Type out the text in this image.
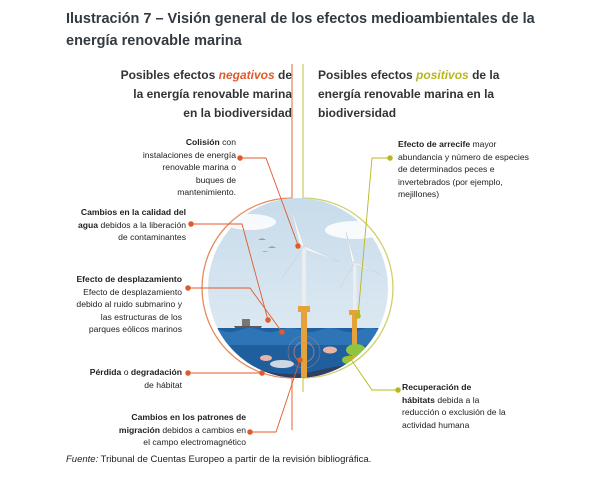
Ilustración 7 – Visión general de los efectos medioambientales de la energía renovable marina
Posibles efectos negativos de la energía renovable marina en la biodiversidad
Posibles efectos positivos de la energía renovable marina en la biodiversidad
Colisión con instalaciones de energía renovable marina o buques de mantenimiento.
Cambios en la calidad del agua debidos a la liberación de contaminantes
Efecto de desplazamiento Efecto de desplazamiento debido al ruido submarino y las estructuras de los parques eólicos marinos
Pérdida o degradación de hábitat
Cambios en los patrones de migración debidos a cambios en el campo electromagnético
Efecto de arrecife mayor abundancia y número de especies de determinados peces e invertebrados (por ejemplo, mejillones)
Recuperación de hábitats debida a la reducción o exclusión de la actividad humana
Fuente: Tribunal de Cuentas Europeo a partir de la revisión bibliográfica.
